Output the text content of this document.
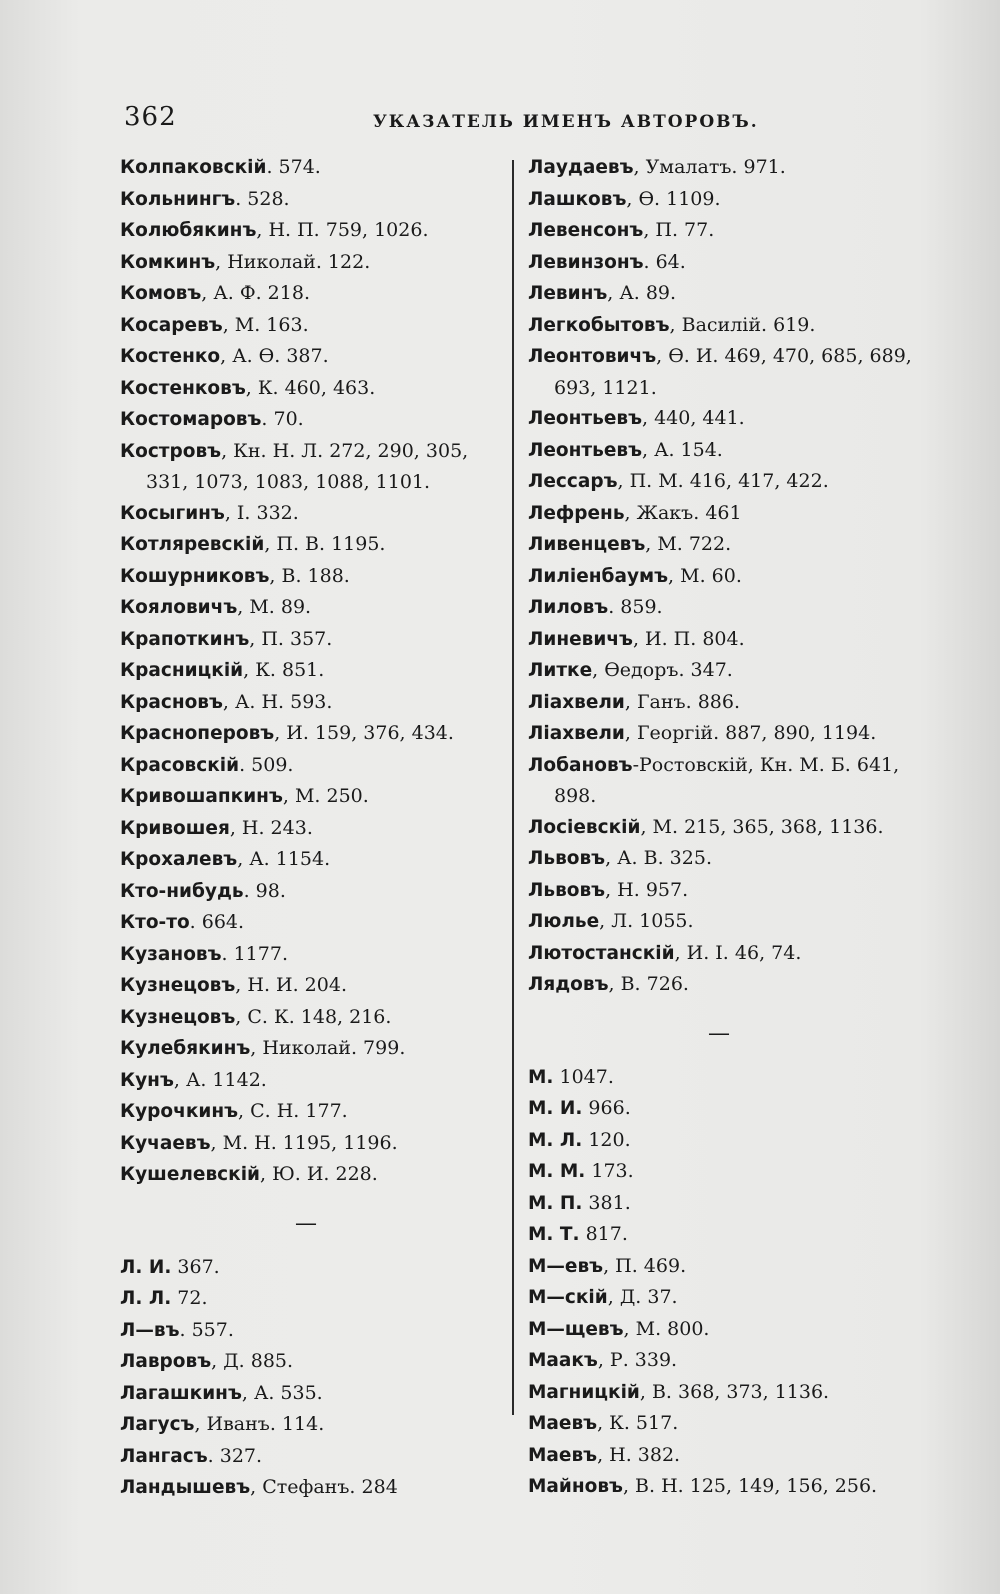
362	УКАЗАТЕЛЬ ИМЕНЪ АВТОРОВЪ.
Колпаковскій. 574.
Кольнингъ. 528.
Колюбякинъ, Н. П. 759, 1026.
Комкинъ, Николай. 122.
Комовъ, А. Ф. 218.
Косаревъ, М. 163.
Костенко, А. Ѳ. 387.
Костенковъ, К. 460, 463.
Костомаровъ. 70.
Костровъ, Кн. Н. Л. 272, 290, 305, 331, 1073, 1083, 1088, 1101.
Косыгинъ, І. 332.
Котляревскій, П. В. 1195.
Кошурниковъ, В. 188.
Кояловичъ, М. 89.
Крапоткинъ, П. 357.
Красницкій, К. 851.
Красновъ, А. Н. 593.
Красноперовъ, И. 159, 376, 434.
Красовскій. 509.
Кривошапкинъ, М. 250.
Кривошея, Н. 243.
Крохалевъ, А. 1154.
Кто-нибудь. 98.
Кто-то. 664.
Кузановъ. 1177.
Кузнецовъ, Н. И. 204.
Кузнецовъ, С. К. 148, 216.
Кулебякинъ, Николай. 799.
Кунъ, А. 1142.
Курочкинъ, С. Н. 177.
Кучаевъ, М. Н. 1195, 1196.
Кушелевскій, Ю. И. 228.
—
Л. И. 367.
Л. Л. 72.
Л—въ. 557.
Лавровъ, Д. 885.
Лагашкинъ, А. 535.
Лагусъ, Иванъ. 114.
Лангасъ. 327.
Ландышевъ, Стефанъ. 284
Лаудаевъ, Умалатъ. 971.
Лашковъ, Ѳ. 1109.
Левенсонъ, П. 77.
Левинзонъ. 64.
Левинъ, А. 89.
Легкобытовъ, Василій. 619.
Леонтовичъ, Ѳ. И. 469, 470, 685, 689, 693, 1121.
Леонтьевъ, 440, 441.
Леонтьевъ, А. 154.
Лессаръ, П. М. 416, 417, 422.
Лефрень, Жакъ. 461
Ливенцевъ, М. 722.
Лиліенбаумъ, М. 60.
Лиловъ. 859.
Линевичъ, И. П. 804.
Литке, Ѳедоръ. 347.
Ліахвели, Ганъ. 886.
Ліахвели, Георгій. 887, 890, 1194.
Лобановъ-Ростовскій, Кн. М. Б. 641, 898.
Лосіевскій, М. 215, 365, 368, 1136.
Львовъ, А. В. 325.
Львовъ, Н. 957.
Люлье, Л. 1055.
Лютостанскій, И. І. 46, 74.
Лядовъ, В. 726.
—
М. 1047.
М. И. 966.
М. Л. 120.
М. М. 173.
М. П. 381.
М. Т. 817.
М—евъ, П. 469.
М—скій, Д. 37.
М—щевъ, М. 800.
Маакъ, Р. 339.
Магницкій, В. 368, 373, 1136.
Маевъ, К. 517.
Маевъ, Н. 382.
Майновъ, В. Н. 125, 149, 156, 256.
